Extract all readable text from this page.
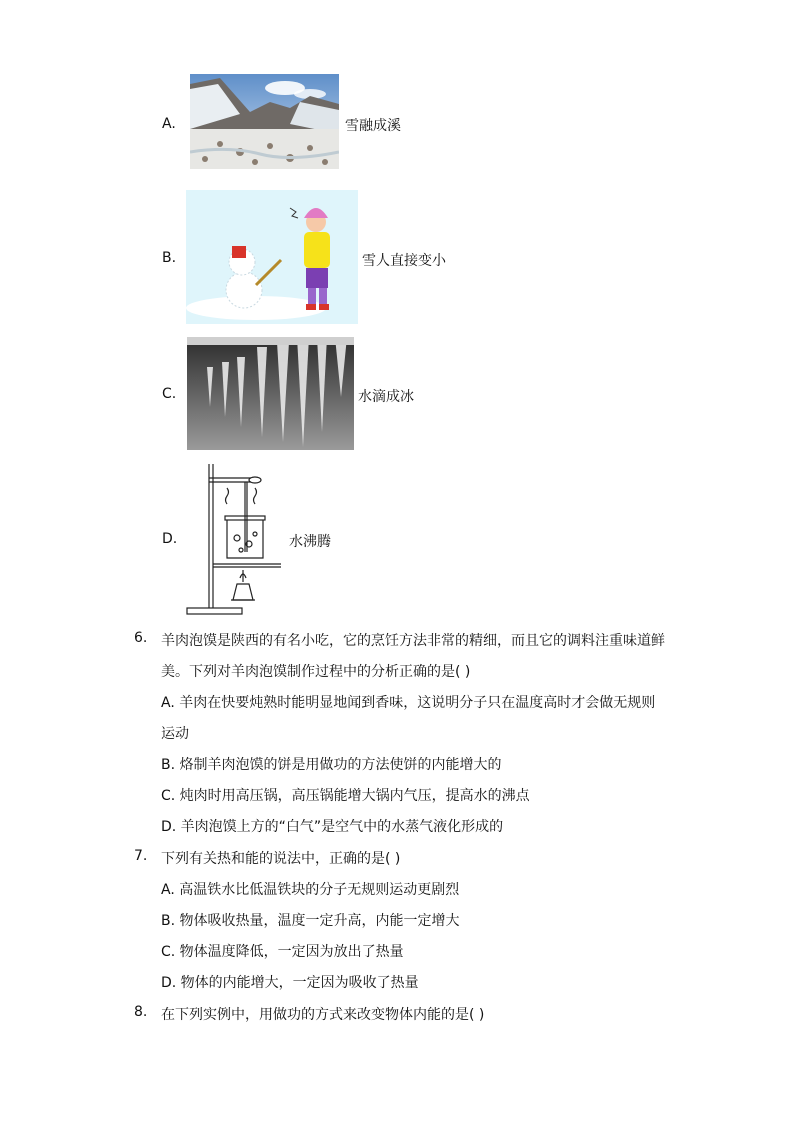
A.	雪融成溪
B.	雪人直接变小
C.	水滴成冰
D.	水沸腾
6. 羊肉泡馍是陕西的有名小吃，它的烹饪方法非常的精细，而且它的调料注重味道鲜
美。下列对羊肉泡馍制作过程中的分析正确的是( )
A. 羊肉在快要炖熟时能明显地闻到香味，这说明分子只在温度高时才会做无规则
运动
B. 烙制羊肉泡馍的饼是用做功的方法使饼的内能增大的
C. 炖肉时用高压锅，高压锅能增大锅内气压，提高水的沸点
D. 羊肉泡馍上方的“白气”是空气中的水蒸气液化形成的
7. 下列有关热和能的说法中，正确的是( )
A. 高温铁水比低温铁块的分子无规则运动更剧烈
B. 物体吸收热量，温度一定升高，内能一定增大
C. 物体温度降低，一定因为放出了热量
D. 物体的内能增大，一定因为吸收了热量
8. 在下列实例中，用做功的方式来改变物体内能的是( )
